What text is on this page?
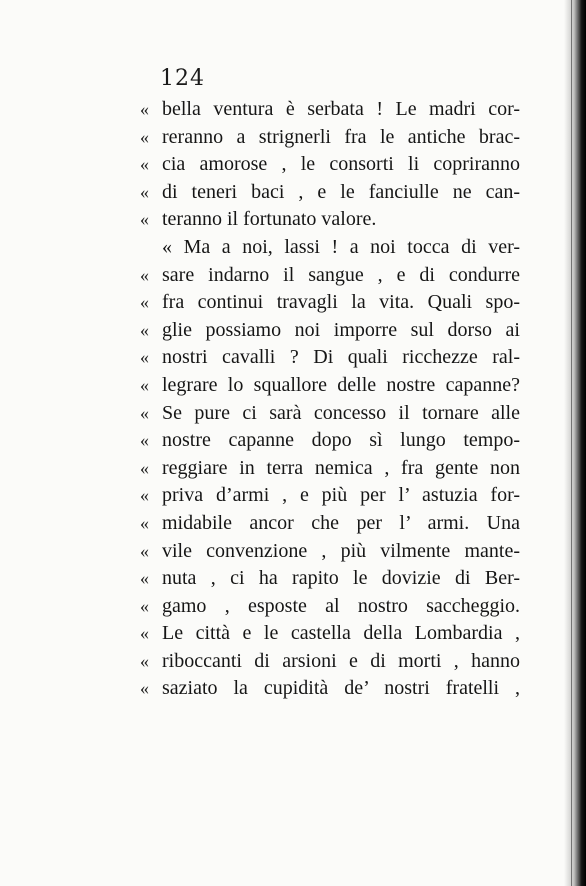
124
« bella ventura è serbata ! Le madri cor-
« reranno a strignerli fra le antiche brac-
« cia amorose , le consorti li copriranno
« di teneri baci , e le fanciulle ne can-
« teranno il fortunato valore.
« Ma a noi, lassi ! a noi tocca di ver-
« sare indarno il sangue , e di condurre
« fra continui travagli la vita. Quali spo-
« glie possiamo noi imporre sul dorso ai
« nostri cavalli ? Di quali ricchezze ral-
« legrare lo squallore delle nostre capanne?
« Se pure ci sarà concesso il tornare alle
« nostre capanne dopo sì lungo tempo-
« reggiare in terra nemica , fra gente non
« priva d’armi , e più per l’ astuzia for-
« midabile ancor che per l’ armi. Una
« vile convenzione , più vilmente mante-
« nuta , ci ha rapito le dovizie di Ber-
« gamo , esposte al nostro saccheggio.
« Le città e le castella della Lombardia ,
« riboccanti di arsioni e di morti , hanno
« saziato la cupidità de’ nostri fratelli ,
